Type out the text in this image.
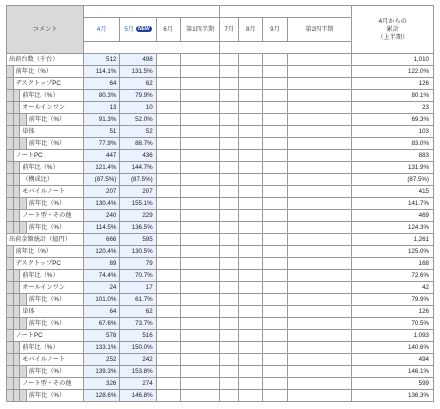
コメント												4月からの
累計
（上半期）

				4月	5月 NEW	6月	第1四半期	7月	8月	9月	第2四半期	

出荷台数（千台）				512	498							1,010
	前年比（%）			114.1%	131.5%							122.0%
	デスクトップPC			64	62							126
		前年比（%）		80.3%	79.9%							80.1%
		オールインワン		13	10							23
			前年比（%）	91.3%	52.0%							69.3%
		単体		51	52							103
			前年比（%）	77.9%	88.7%							83.0%
	ノートPC			447	436							883
		前年比（%）		121.4%	144.7%							131.9%
		（構成比）		(87.5%)	(87.5%)							(87.5%)
		モバイルノート		207	207							415
			前年比（%）	130.4%	155.1%							141.7%
		ノート型・その他		240	229							469
			前年比（%）	114.5%	136.5%							124.3%
出荷金額統計（億円）				666	595							1,261
	前年比（%）			120.4%	130.5%							125.0%
	デスクトップPC			89	79							168
		前年比（%）		74.4%	70.7%							72.6%
		オールインワン		24	17							42
			前年比（%）	101.0%	61.7%							79.9%
		単体		64	62							126
			前年比（%）	67.6%	73.7%							70.5%
	ノートPC			578	516							1,093
		前年比（%）		133.1%	150.0%							140.6%
		モバイルノート		252	242							494
			前年比（%）	139.3%	153.8%							146.1%
		ノート型・その他		326	274							599
			前年比（%）	128.6%	146.8%							136.3%
